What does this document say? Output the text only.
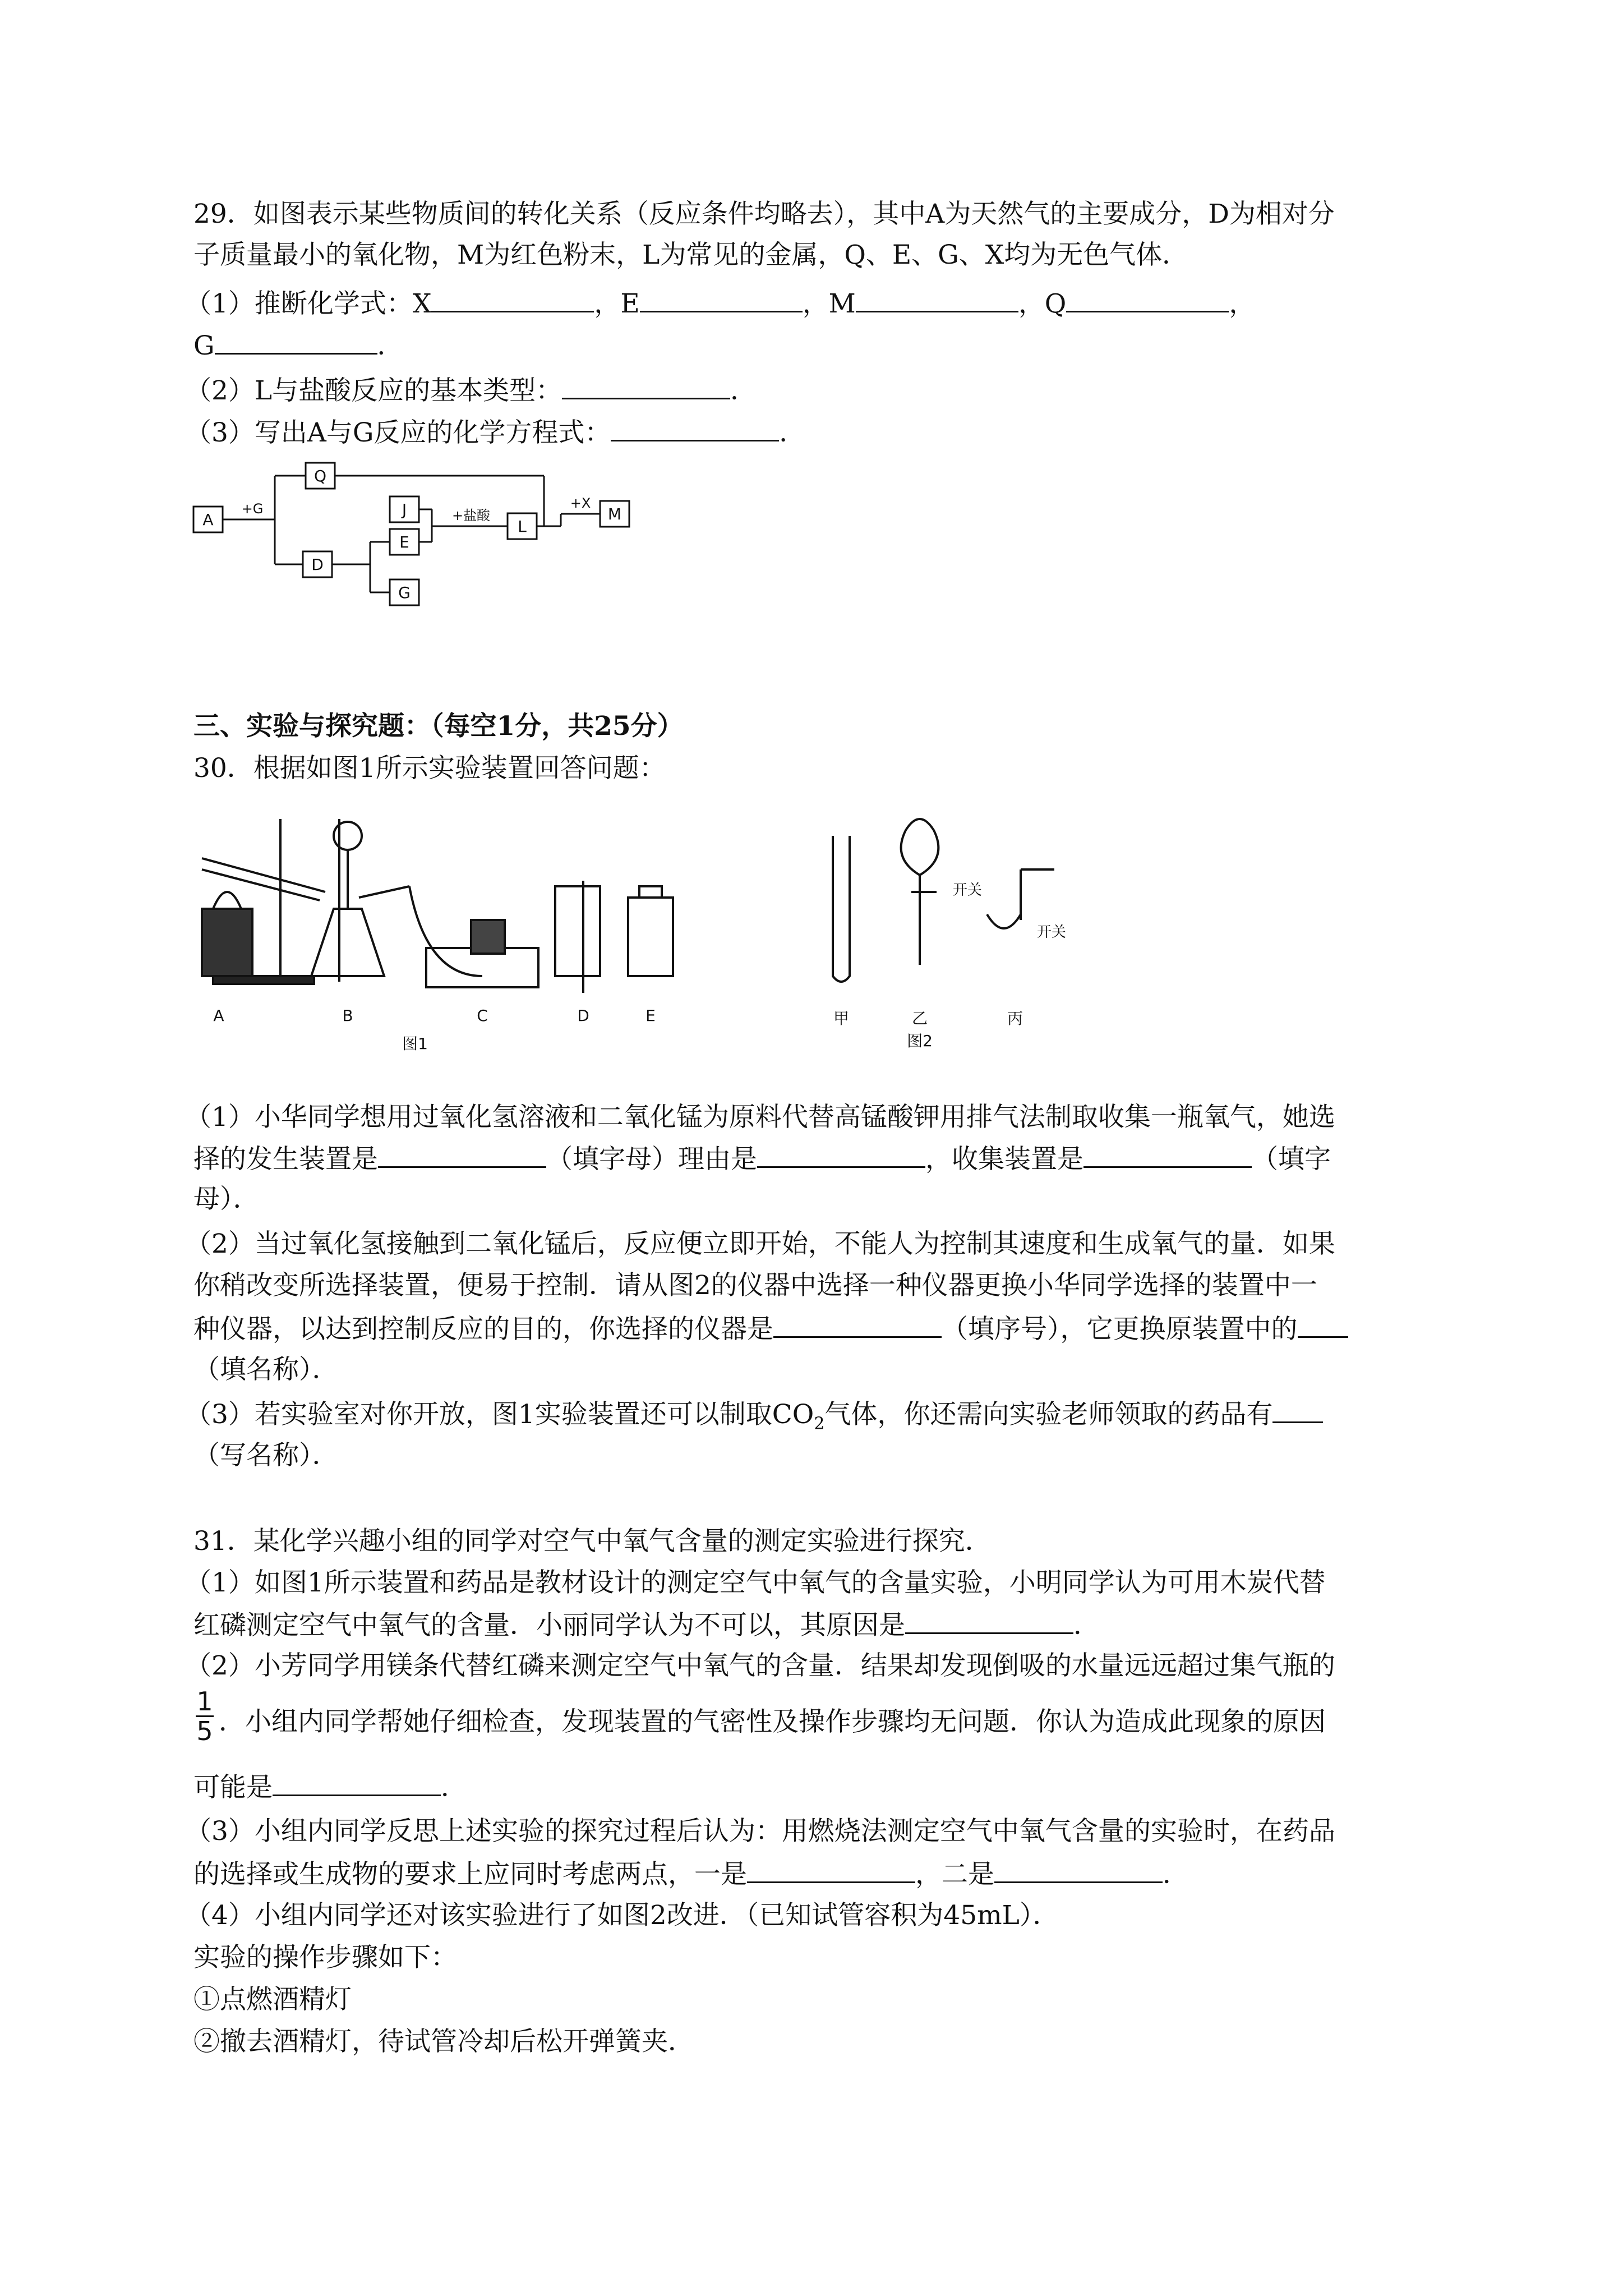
29．如图表示某些物质间的转化关系（反应条件均略去），其中A为天然气的主要成分，D为相对分
子质量最小的氧化物，M为红色粉末，L为常见的金属，Q、E、G、X均为无色气体．
（1）推断化学式：X	，E	，M	，Q	，
G	．
（2）L与盐酸反应的基本类型：	．
（3）写出A与G反应的化学方程式：	．
A
Q
J
E
D
G
L
M
+G	+盐酸
+X
三、实验与探究题：（每空1分，共25分）
30．根据如图1所示实验装置回答问题：
A	B	C	D	E
图1
甲	乙	丙
图2
开关
开关
（1）小华同学想用过氧化氢溶液和二氧化锰为原料代替高锰酸钾用排气法制取收集一瓶氧气，她选
择的发生装置是	（填字母）理由是	，收集装置是	（填字
母）．
（2）当过氧化氢接触到二氧化锰后，反应便立即开始，不能人为控制其速度和生成氧气的量．如果
你稍改变所选择装置，便易于控制．请从图2的仪器中选择一种仪器更换小华同学选择的装置中一
种仪器，以达到控制反应的目的，你选择的仪器是	（填序号），它更换原装置中的
（填名称）．
（3）若实验室对你开放，图1实验装置还可以制取$CO_2$气体，你还需向实验老师领取的药品有
（写名称）．
31．某化学兴趣小组的同学对空气中氧气含量的测定实验进行探究．
（1）如图1所示装置和药品是教材设计的测定空气中氧气的含量实验，小明同学认为可用木炭代替
红磷测定空气中氧气的含量．小丽同学认为不可以，其原因是	．
（2）小芳同学用镁条代替红磷来测定空气中氧气的含量．结果却发现倒吸的水量远远超过集气瓶的
1
5 ．小组内同学帮她仔细检查，发现装置的气密性及操作步骤均无问题．你认为造成此现象的原因
可能是	．
（3）小组内同学反思上述实验的探究过程后认为：用燃烧法测定空气中氧气含量的实验时，在药品
的选择或生成物的要求上应同时考虑两点，一是	，二是	．
（4）小组内同学还对该实验进行了如图2改进．（已知试管容积为45mL）．
实验的操作步骤如下：
①点燃酒精灯
②撤去酒精灯，待试管冷却后松开弹簧夹．
